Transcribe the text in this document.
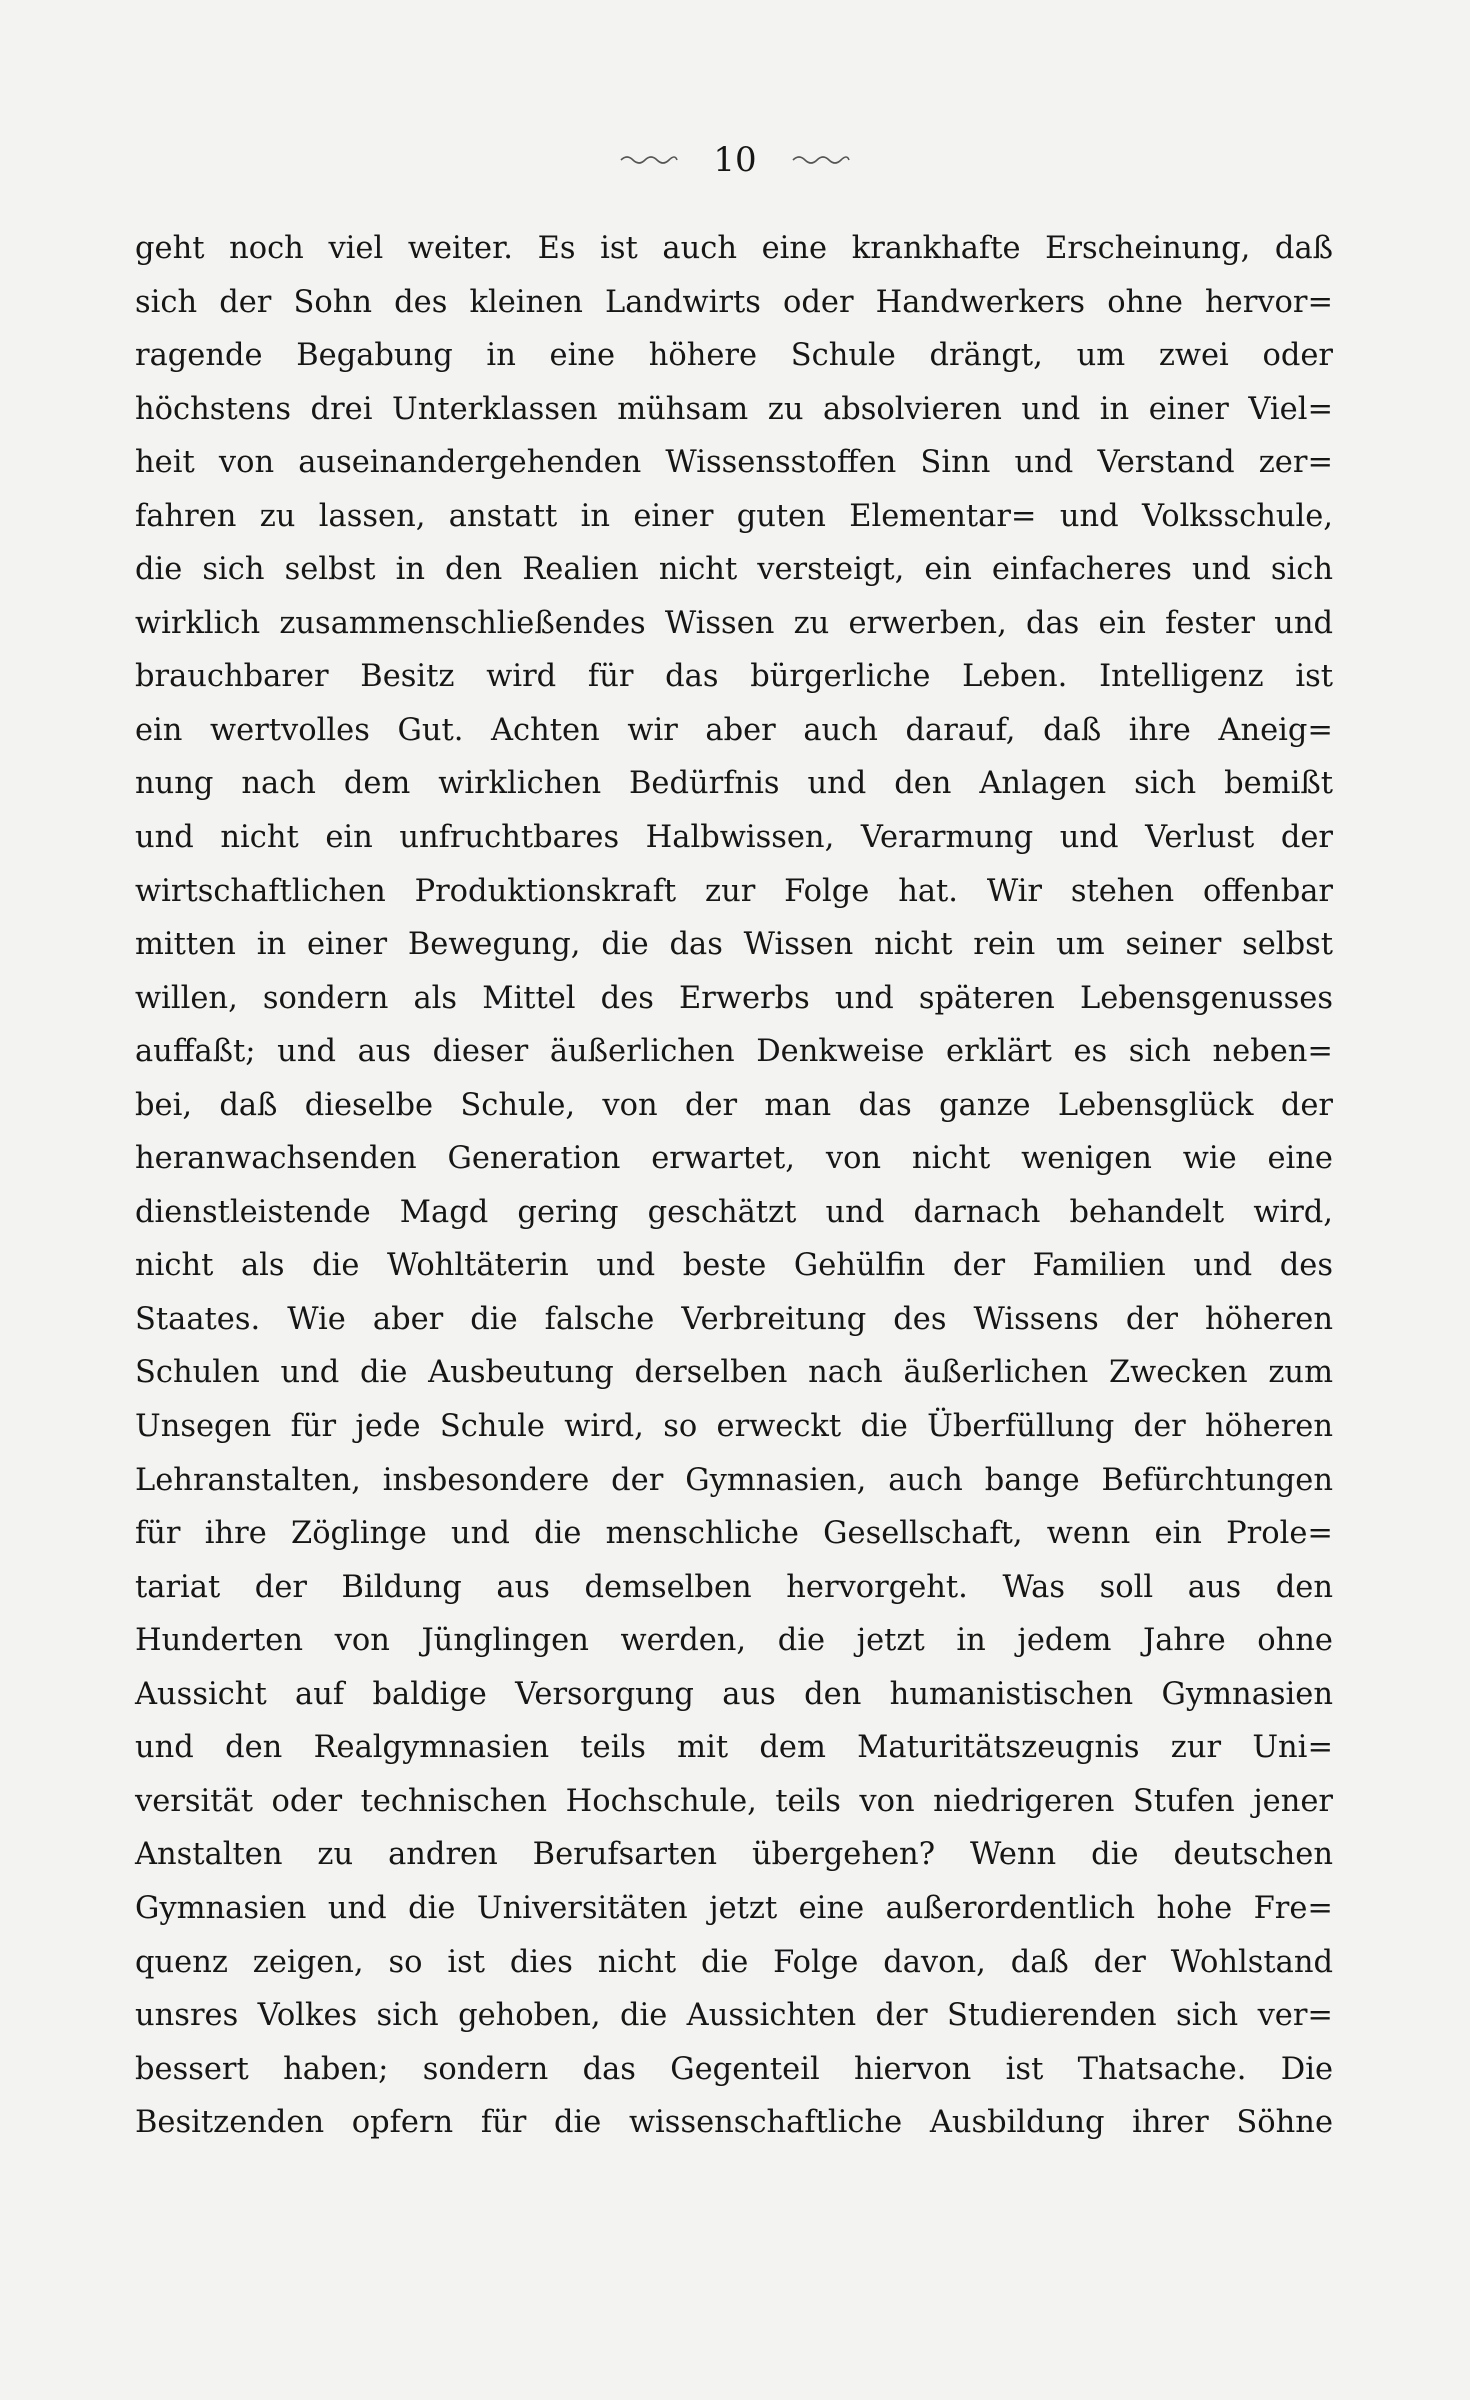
10
geht noch viel weiter. Es ist auch eine krankhafte Erscheinung, daß
sich der Sohn des kleinen Landwirts oder Handwerkers ohne hervor=
ragende Begabung in eine höhere Schule drängt, um zwei oder
höchstens drei Unterklassen mühsam zu absolvieren und in einer Viel=
heit von auseinandergehenden Wissensstoffen Sinn und Verstand zer=
fahren zu lassen, anstatt in einer guten Elementar= und Volksschule,
die sich selbst in den Realien nicht versteigt, ein einfacheres und sich
wirklich zusammenschließendes Wissen zu erwerben, das ein fester und
brauchbarer Besitz wird für das bürgerliche Leben. Intelligenz ist
ein wertvolles Gut. Achten wir aber auch darauf, daß ihre Aneig=
nung nach dem wirklichen Bedürfnis und den Anlagen sich bemißt
und nicht ein unfruchtbares Halbwissen, Verarmung und Verlust der
wirtschaftlichen Produktionskraft zur Folge hat. Wir stehen offenbar
mitten in einer Bewegung, die das Wissen nicht rein um seiner selbst
willen, sondern als Mittel des Erwerbs und späteren Lebensgenusses
auffaßt; und aus dieser äußerlichen Denkweise erklärt es sich neben=
bei, daß dieselbe Schule, von der man das ganze Lebensglück der
heranwachsenden Generation erwartet, von nicht wenigen wie eine
dienstleistende Magd gering geschätzt und darnach behandelt wird,
nicht als die Wohltäterin und beste Gehülfin der Familien und des
Staates. Wie aber die falsche Verbreitung des Wissens der höheren
Schulen und die Ausbeutung derselben nach äußerlichen Zwecken zum
Unsegen für jede Schule wird, so erweckt die Überfüllung der höheren
Lehranstalten, insbesondere der Gymnasien, auch bange Befürchtungen
für ihre Zöglinge und die menschliche Gesellschaft, wenn ein Prole=
tariat der Bildung aus demselben hervorgeht. Was soll aus den
Hunderten von Jünglingen werden, die jetzt in jedem Jahre ohne
Aussicht auf baldige Versorgung aus den humanistischen Gymnasien
und den Realgymnasien teils mit dem Maturitätszeugnis zur Uni=
versität oder technischen Hochschule, teils von niedrigeren Stufen jener
Anstalten zu andren Berufsarten übergehen? Wenn die deutschen
Gymnasien und die Universitäten jetzt eine außerordentlich hohe Fre=
quenz zeigen, so ist dies nicht die Folge davon, daß der Wohlstand
unsres Volkes sich gehoben, die Aussichten der Studierenden sich ver=
bessert haben; sondern das Gegenteil hiervon ist Thatsache. Die
Besitzenden opfern für die wissenschaftliche Ausbildung ihrer Söhne
